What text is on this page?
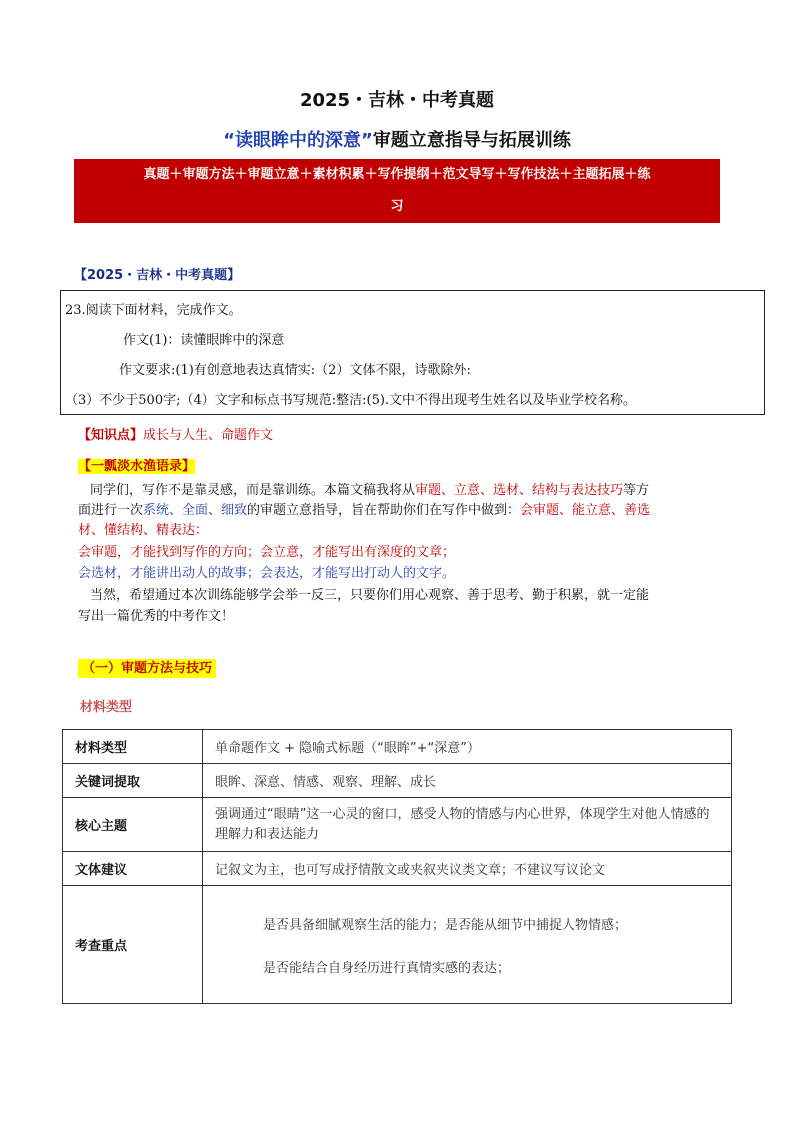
2025・吉林・中考真题
“读眼眸中的深意”审题立意指导与拓展训练
真题＋审题方法＋审题立意＋素材积累＋写作提纲＋范文导写＋写作技法＋主题拓展＋练
习
【2025・吉林・中考真题】
23.阅读下面材料，完成作文。
作文(1)：读懂眼眸中的深意
作文要求:(1)有创意地表达真情实:（2）文体不限，诗歌除外:
（3）不少于500字;（4）文字和标点书写规范:整洁:(5).文中不得出现考生姓名以及毕业学校名称。
【知识点】成长与人生、命题作文
【一瓢淡水渔语录】
同学们，写作不是靠灵感，而是靠训练。本篇文稿我将从审题、立意、选材、结构与表达技巧等方
面进行一次系统、全面、细致的审题立意指导，旨在帮助你们在写作中做到：会审题、能立意、善选
材、懂结构、精表达：
会审题，才能找到写作的方向；会立意，才能写出有深度的文章；
会选材，才能讲出动人的故事；会表达，才能写出打动人的文字。
当然，希望通过本次训练能够学会举一反三，只要你们用心观察、善于思考、勤于积累，就一定能
写出一篇优秀的中考作文！
（一）审题方法与技巧
材料类型
材料类型	单命题作文 + 隐喻式标题（“眼眸”+“深意”）
关键词提取	眼眸、深意、情感、观察、理解、成长
核心主题	强调通过“眼睛”这一心灵的窗口，感受人物的情感与内心世界，体现学生对他人情感的理解力和表达能力
文体建议	记叙文为主，也可写成抒情散文或夹叙夹议类文章；不建议写议论文
考查重点	是否具备细腻观察生活的能力；是否能从细节中捕捉人物情感；
是否能结合自身经历进行真情实感的表达；
